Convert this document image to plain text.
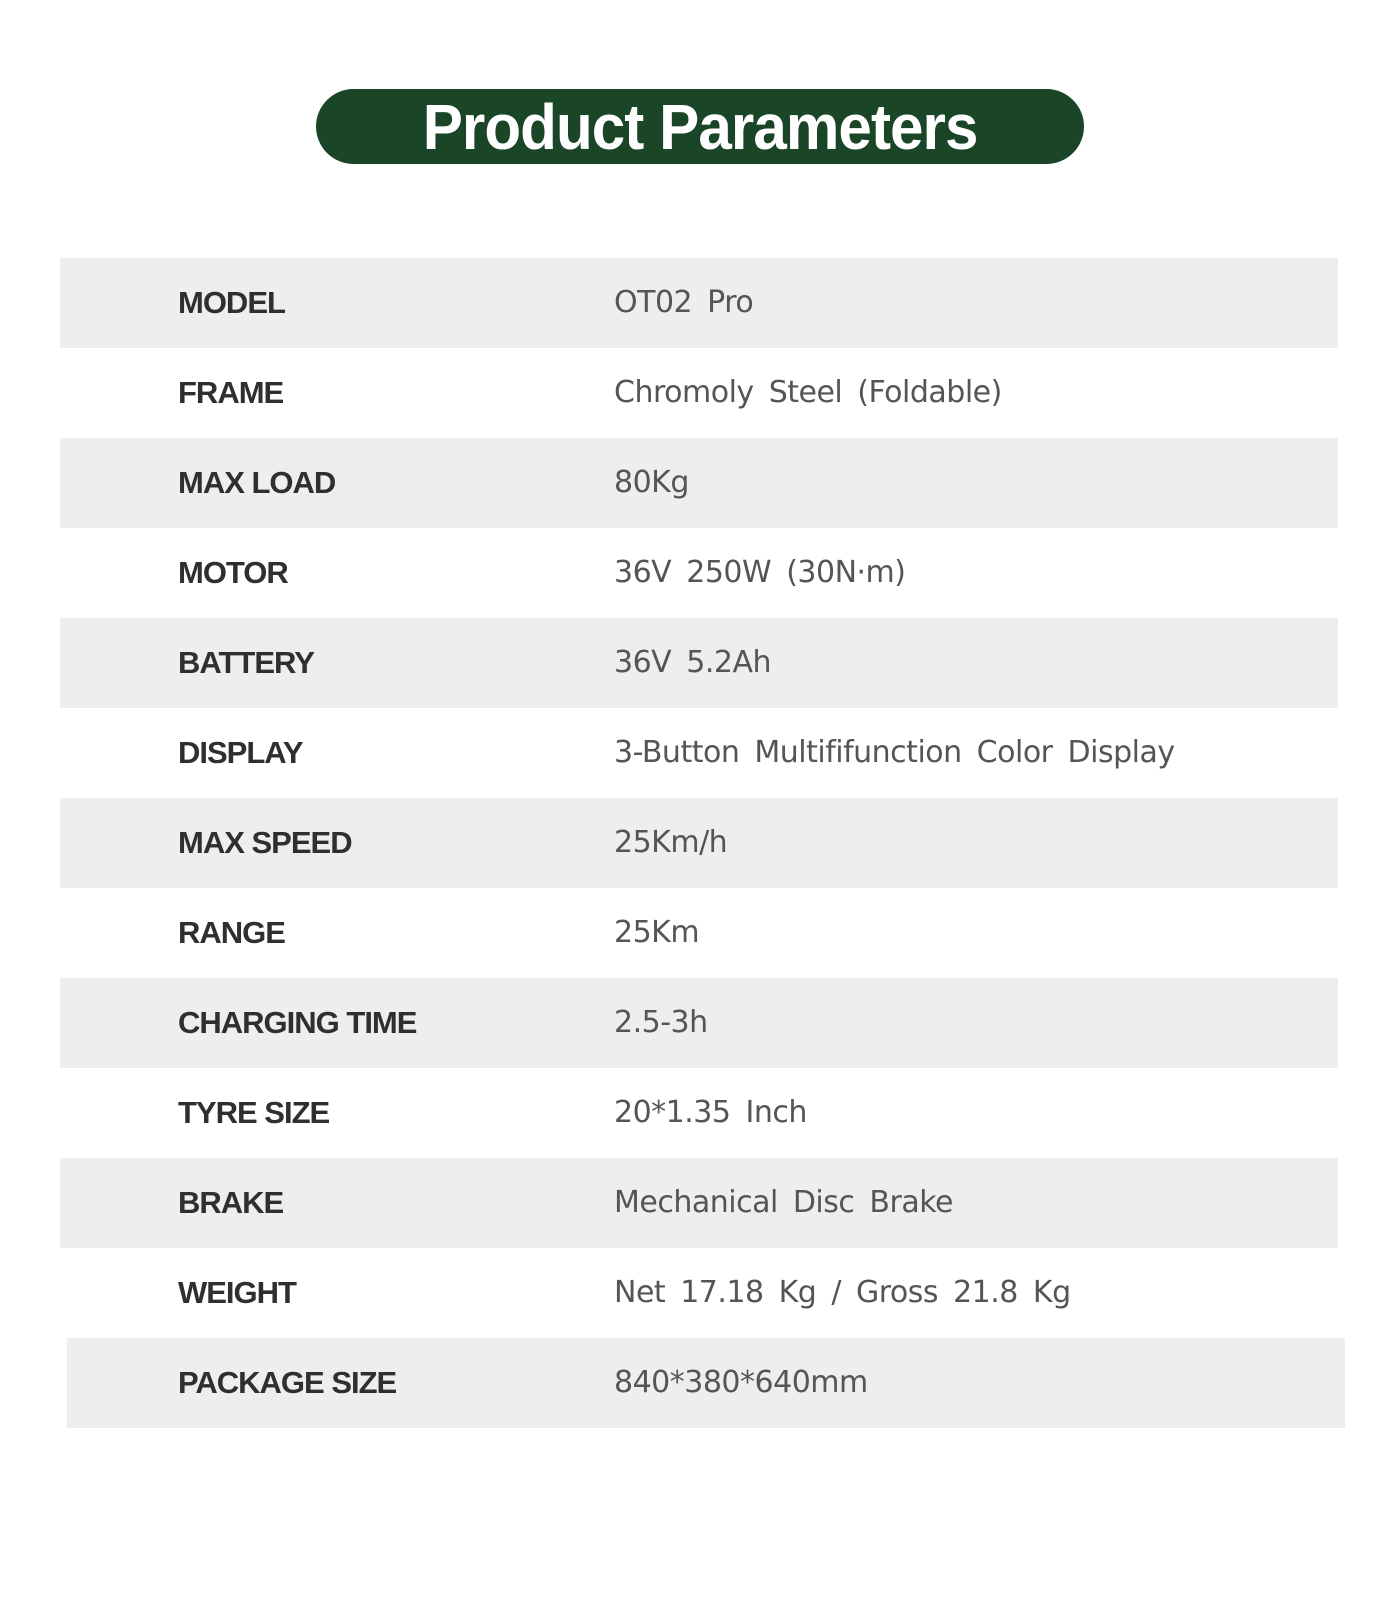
Product Parameters
MODEL	OT02 Pro
FRAME	Chromoly Steel (Foldable)
MAX LOAD	80Kg
MOTOR	36V 250W (30N·m)
BATTERY	36V 5.2Ah
DISPLAY	3-Button Multififunction Color Display
MAX SPEED	25Km/h
RANGE	25Km
CHARGING TIME	2.5-3h
TYRE SIZE	20*1.35 Inch
BRAKE	Mechanical Disc Brake
WEIGHT	Net 17.18 Kg / Gross 21.8 Kg
PACKAGE SIZE	840*380*640mm
